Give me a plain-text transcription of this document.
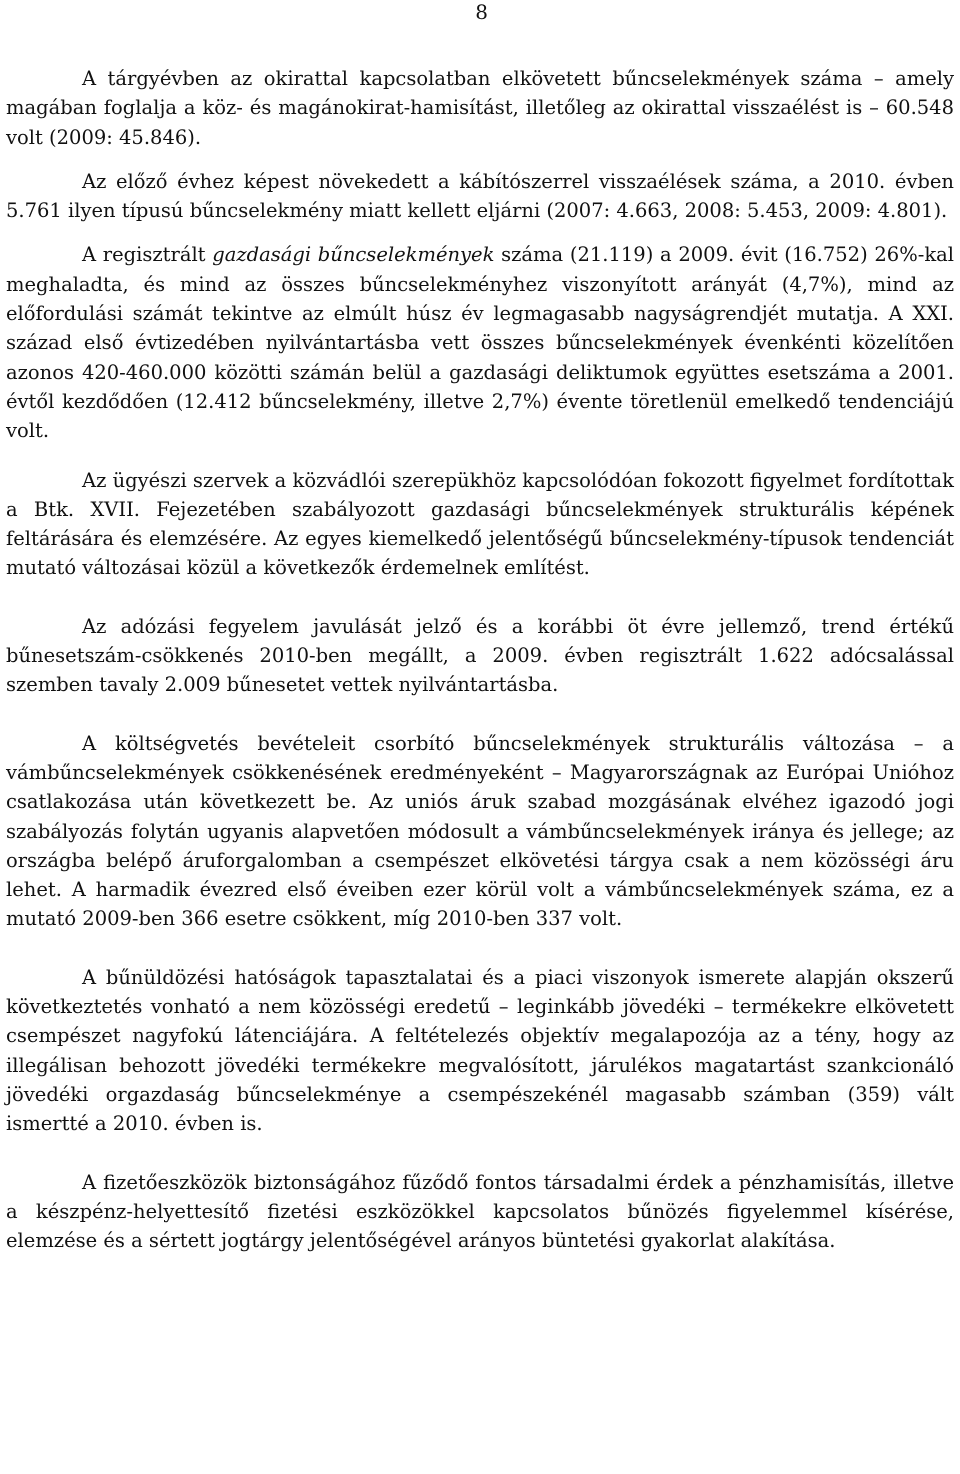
8

A tárgyévben az okirattal kapcsolatban elkövetett bűncselekmények száma – amely magában foglalja a köz- és magánokirat-hamisítást, illetőleg az okirattal visszaélést is – 60.548 volt (2009: 45.846).

Az előző évhez képest növekedett a kábítószerrel visszaélések száma, a 2010. évben 5.761 ilyen típusú bűncselekmény miatt kellett eljárni (2007: 4.663, 2008: 5.453, 2009: 4.801).

A regisztrált gazdasági bűncselekmények száma (21.119) a 2009. évit (16.752) 26%-kal meghaladta, és mind az összes bűncselekményhez viszonyított arányát (4,7%), mind az előfordulási számát tekintve az elmúlt húsz év legmagasabb nagyságrendjét mutatja. A XXI. század első évtizedében nyilvántartásba vett összes bűncselekmények évenkénti közelítően azonos 420-460.000 közötti számán belül a gazdasági deliktumok együttes esetszáma a 2001. évtől kezdődően (12.412 bűncselekmény, illetve 2,7%) évente töretlenül emelkedő tendenciájú volt.

Az ügyészi szervek a közvádlói szerepükhöz kapcsolódóan fokozott figyelmet fordítottak a Btk. XVII. Fejezetében szabályozott gazdasági bűncselekmények strukturális képének feltárására és elemzésére. Az egyes kiemelkedő jelentőségű bűncselekmény-típusok tendenciát mutató változásai közül a következők érdemelnek említést.

Az adózási fegyelem javulását jelző és a korábbi öt évre jellemző, trend értékű bűnesetszám-csökkenés 2010-ben megállt, a 2009. évben regisztrált 1.622 adócsalással szemben tavaly 2.009 bűnesetet vettek nyilvántartásba.

A költségvetés bevételeit csorbító bűncselekmények strukturális változása – a vámbűncselekmények csökkenésének eredményeként – Magyarországnak az Európai Unióhoz csatlakozása után következett be. Az uniós áruk szabad mozgásának elvéhez igazodó jogi szabályozás folytán ugyanis alapvetően módosult a vámbűncselekmények iránya és jellege; az országba belépő áruforgalomban a csempészet elkövetési tárgya csak a nem közösségi áru lehet. A harmadik évezred első éveiben ezer körül volt a vámbűncselekmények száma, ez a mutató 2009-ben 366 esetre csökkent, míg 2010-ben 337 volt.

A bűnüldözési hatóságok tapasztalatai és a piaci viszonyok ismerete alapján okszerű következtetés vonható a nem közösségi eredetű – leginkább jövedéki – termékekre elkövetett csempészet nagyfokú látenciájára. A feltételezés objektív megalapozója az a tény, hogy az illegálisan behozott jövedéki termékekre megvalósított, járulékos magatartást szankcionáló jövedéki orgazdaság bűncselekménye a csempészekénél magasabb számban (359) vált ismertté a 2010. évben is.

A fizetőeszközök biztonságához fűződő fontos társadalmi érdek a pénzhamisítás, illetve a készpénz-helyettesítő fizetési eszközökkel kapcsolatos bűnözés figyelemmel kísérése, elemzése és a sértett jogtárgy jelentőségével arányos büntetési gyakorlat alakítása.
